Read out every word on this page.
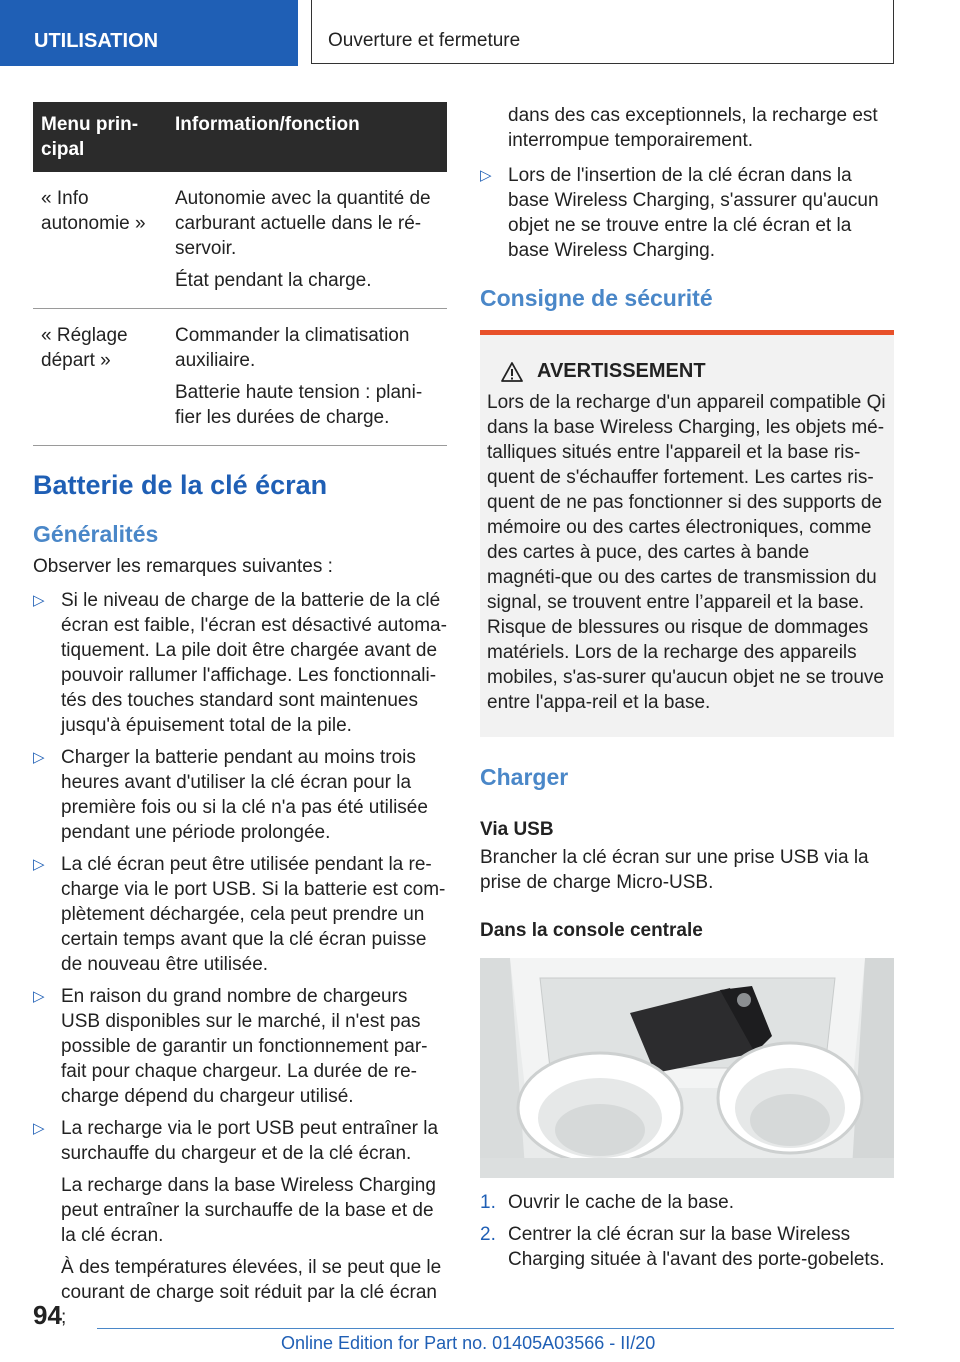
UTILISATION	Ouverture et fermeture
Menu prin-
cipal	Information/fonction
« Info autonomie »	Autonomie avec la quantité de carburant actuelle dans le ré-servoir.

État pendant la charge.

« Réglage départ »	Commander la climatisation auxiliaire.

Batterie haute tension : plani-fier les durées de charge.

Batterie de la clé écran
Généralités

Observer les remarques suivantes :

▷ Si le niveau de charge de la batterie de la clé écran est faible, l'écran est désactivé automa-tiquement. La pile doit être chargée avant de pouvoir rallumer l'affichage. Les fonctionnali-tés des touches standard sont maintenues jusqu'à épuisement total de la pile.
▷ Charger la batterie pendant au moins trois heures avant d'utiliser la clé écran pour la première fois ou si la clé n'a pas été utilisée pendant une période prolongée.
▷ La clé écran peut être utilisée pendant la re-charge via le port USB. Si la batterie est com-plètement déchargée, cela peut prendre un certain temps avant que la clé écran puisse de nouveau être utilisée.
▷ En raison du grand nombre de chargeurs USB disponibles sur le marché, il n'est pas possible de garantir un fonctionnement par-fait pour chaque chargeur. La durée de re-charge dépend du chargeur utilisé.
▷ La recharge via le port USB peut entraîner la surchauffe du chargeur et de la clé écran.

La recharge dans la base Wireless Charging peut entraîner la surchauffe de la base et de la clé écran.

À des températures élevées, il se peut que le courant de charge soit réduit par la clé écran ;

dans des cas exceptionnels, la recharge est interrompue temporairement.

▷ Lors de l'insertion de la clé écran dans la base Wireless Charging, s'assurer qu'aucun objet ne se trouve entre la clé écran et la base Wireless Charging.
Consigne de sécurité
AVERTISSEMENT
Lors de la recharge d'un appareil compatible Qi dans la base Wireless Charging, les objets mé-talliques situés entre l'appareil et la base ris-quent de s'échauffer fortement. Les cartes ris-quent de ne pas fonctionner si des supports de mémoire ou des cartes électroniques, comme des cartes à puce, des cartes à bande magnéti-que ou des cartes de transmission du signal, se trouvent entre l’appareil et la base. Risque de blessures ou risque de dommages matériels. Lors de la recharge des appareils mobiles, s'as-surer qu'aucun objet ne se trouve entre l'appa-reil et la base.
Charger
Via USB

Brancher la clé écran sur une prise USB via la prise de charge Micro-USB.

Dans la console centrale
1. Ouvrir le cache de la base.
2. Centrer la clé écran sur la base Wireless Charging située à l'avant des porte-gobelets.
94
Online Edition for Part no. 01405A03566 - II/20
